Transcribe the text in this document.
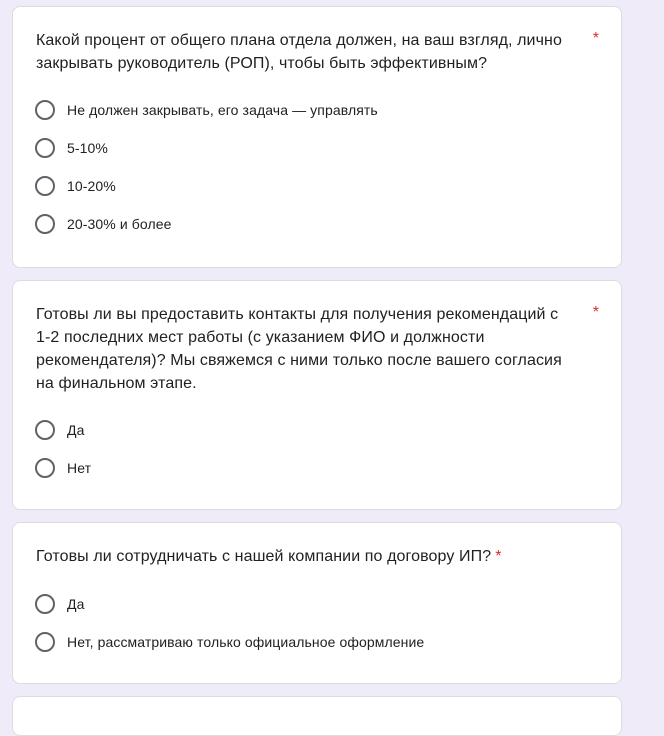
Какой процент от общего плана отдела должен, на ваш взгляд, лично закрывать руководитель (РОП), чтобы быть эффективным?
*
Не должен закрывать, его задача — управлять
5-10%
10-20%
20-30% и более
Готовы ли вы предоставить контакты для получения рекомендаций с 1-2 последних мест работы (с указанием ФИО и должности рекомендателя)? Мы свяжемся с ними только после вашего согласия на финальном этапе.
*
Да
Нет
Готовы ли сотрудничать с нашей компании по договору ИП? *
Да
Нет, рассматриваю только официальное оформление
